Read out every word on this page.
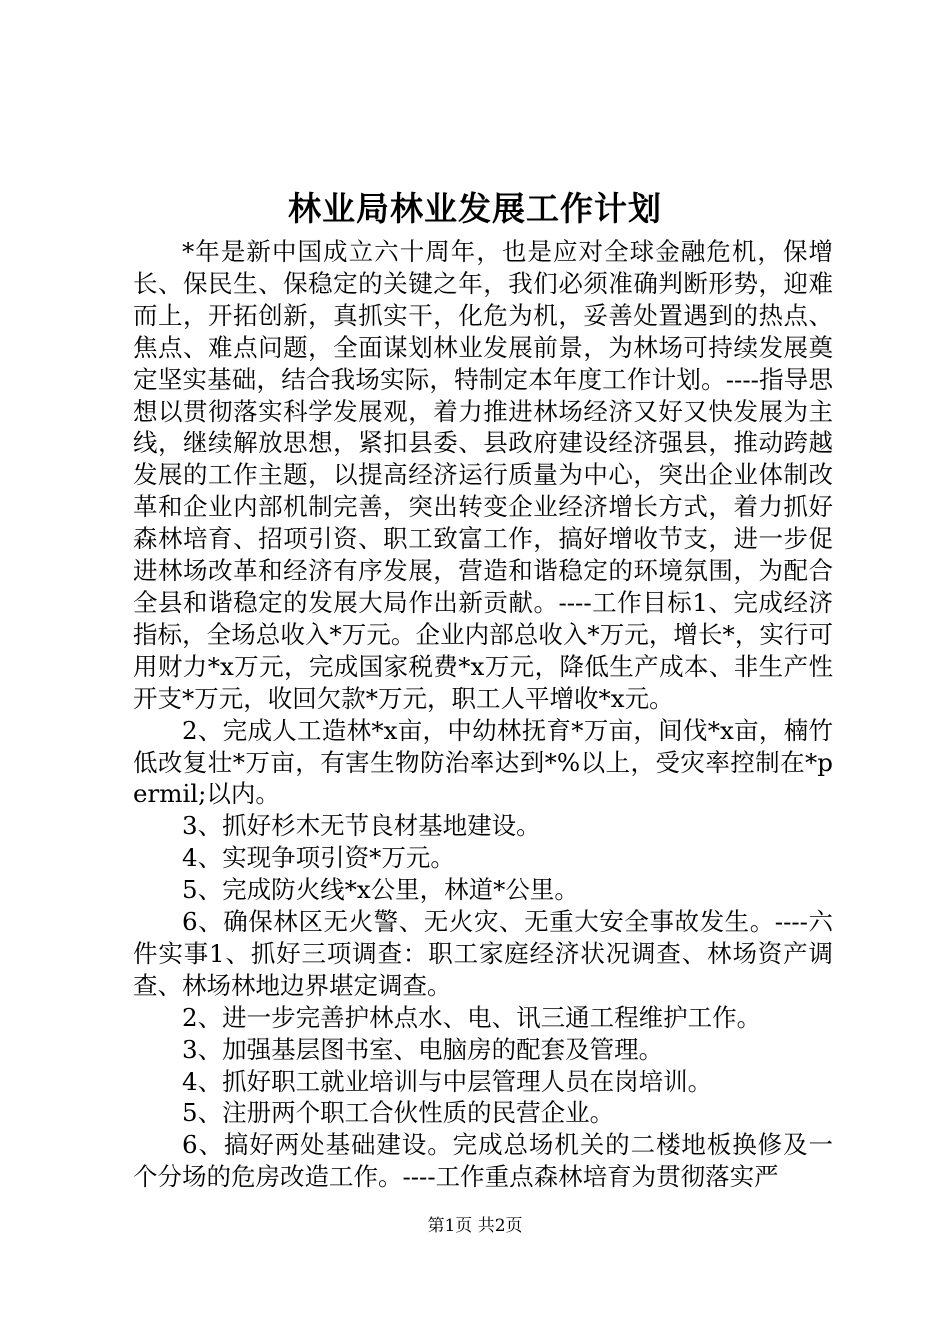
林业局林业发展工作计划

*年是新中国成立六十周年，也是应对全球金融危机，保增长、保民生、保稳定的关键之年，我们必须准确判断形势，迎难而上，开拓创新，真抓实干，化危为机，妥善处置遇到的热点、焦点、难点问题，全面谋划林业发展前景，为林场可持续发展奠定坚实基础，结合我场实际，特制定本年度工作计划。----指导思想以贯彻落实科学发展观，着力推进林场经济又好又快发展为主线，继续解放思想，紧扣县委、县政府建设经济强县，推动跨越发展的工作主题，以提高经济运行质量为中心，突出企业体制改革和企业内部机制完善，突出转变企业经济增长方式，着力抓好森林培育、招项引资、职工致富工作，搞好增收节支，进一步促进林场改革和经济有序发展，营造和谐稳定的环境氛围，为配合全县和谐稳定的发展大局作出新贡献。----工作目标1、完成经济指标，全场总收入*万元。企业内部总收入*万元，增长*，实行可用财力*x万元，完成国家税费*x万元，降低生产成本、非生产性开支*万元，收回欠款*万元，职工人平增收*x元。

2、完成人工造林*x亩，中幼林抚育*万亩，间伐*x亩，楠竹低改复壮*万亩，有害生物防治率达到*%以上，受灾率控制在*permil;以内。

3、抓好杉木无节良材基地建设。

4、实现争项引资*万元。

5、完成防火线*x公里，林道*公里。

6、确保林区无火警、无火灾、无重大安全事故发生。----六件实事1、抓好三项调查：职工家庭经济状况调查、林场资产调查、林场林地边界堪定调查。

2、进一步完善护林点水、电、讯三通工程维护工作。

3、加强基层图书室、电脑房的配套及管理。

4、抓好职工就业培训与中层管理人员在岗培训。

5、注册两个职工合伙性质的民营企业。

6、搞好两处基础建设。完成总场机关的二楼地板换修及一个分场的危房改造工作。----工作重点森林培育为贯彻落实严

第1页 共2页
